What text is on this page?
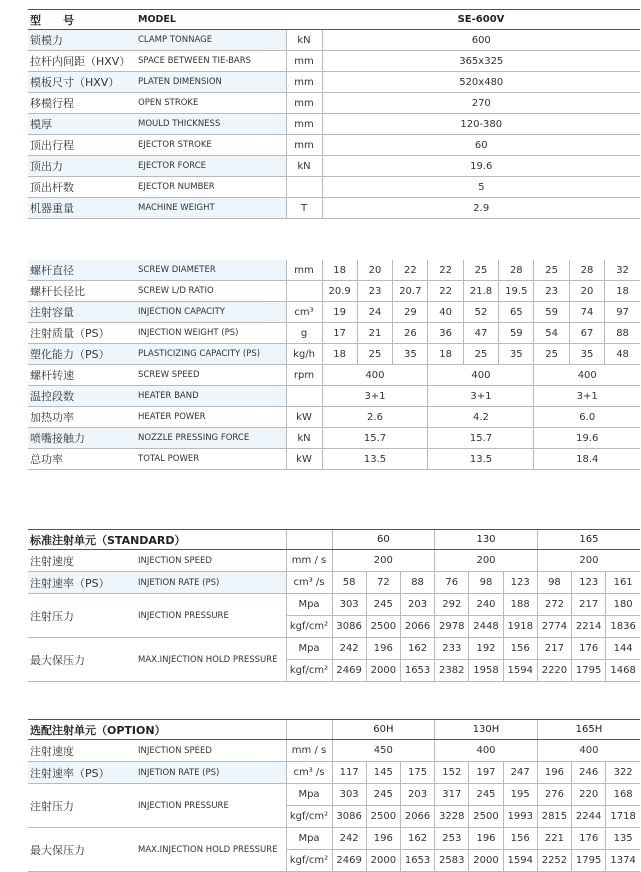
型　　号	MODEL		SE-600V
锁模力	CLAMP TONNAGE	kN	600
拉杆内间距（HXV）	SPACE BETWEEN TIE-BARS	mm	365x325
模板尺寸（HXV）	PLATEN DIMENSION	mm	520x480
移模行程	OPEN STROKE	mm	270
模厚	MOULD THICKNESS	mm	120-380
顶出行程	EJECTOR STROKE	mm	60
顶出力	EJECTOR FORCE	kN	19.6
顶出杆数	EJECTOR NUMBER		5
机器重量	MACHINE WEIGHT	T	2.9
螺杆直径	SCREW DIAMETER	mm	18	20	22	22	25	28	25	28	32
螺杆长径比	SCREW L/D RATIO		20.9	23	20.7	22	21.8	19.5	23	20	18
注射容量	INJECTION CAPACITY	cm³	19	24	29	40	52	65	59	74	97
注射质量（PS）	INJECTION WEIGHT (PS)	g	17	21	26	36	47	59	54	67	88
塑化能力（PS）	PLASTICIZING CAPACITY (PS)	kg/h	18	25	35	18	25	35	25	35	48
螺杆转速	SCREW SPEED	rpm	400			400			400		
温控段数	HEATER BAND		3+1			3+1			3+1		
加热功率	HEATER POWER	kW	2.6			4.2			6.0		
喷嘴接触力	NOZZLE PRESSING FORCE	kN	15.7			15.7			19.6		
总功率	TOTAL POWER	kW	13.5			13.5			18.4		
标准注射单元（STANDARD）			60			130			165		
注射速度	INJECTION SPEED	mm / s	200			200			200		
注射速率（PS）	INJETION RATE (PS)	cm³ /s	58	72	88	76	98	123	98	123	161
注射压力	INJECTION PRESSURE	Mpa	303	245	203	292	240	188	272	217	180
		kgf/cm²	3086	2500	2066	2978	2448	1918	2774	2214	1836
最大保压力	MAX.INJECTION HOLD PRESSURE	Mpa	242	196	162	233	192	156	217	176	144
		kgf/cm²	2469	2000	1653	2382	1958	1594	2220	1795	1468
选配注射单元（OPTION）			60H			130H			165H		
注射速度	INJECTION SPEED	mm / s	450			400			400		
注射速率（PS）	INJETION RATE (PS)	cm³ /s	117	145	175	152	197	247	196	246	322
注射压力	INJECTION PRESSURE	Mpa	303	245	203	317	245	195	276	220	168
		kgf/cm²	3086	2500	2066	3228	2500	1993	2815	2244	1718
最大保压力	MAX.INJECTION HOLD PRESSURE	Mpa	242	196	162	253	196	156	221	176	135
		kgf/cm²	2469	2000	1653	2583	2000	1594	2252	1795	1374
